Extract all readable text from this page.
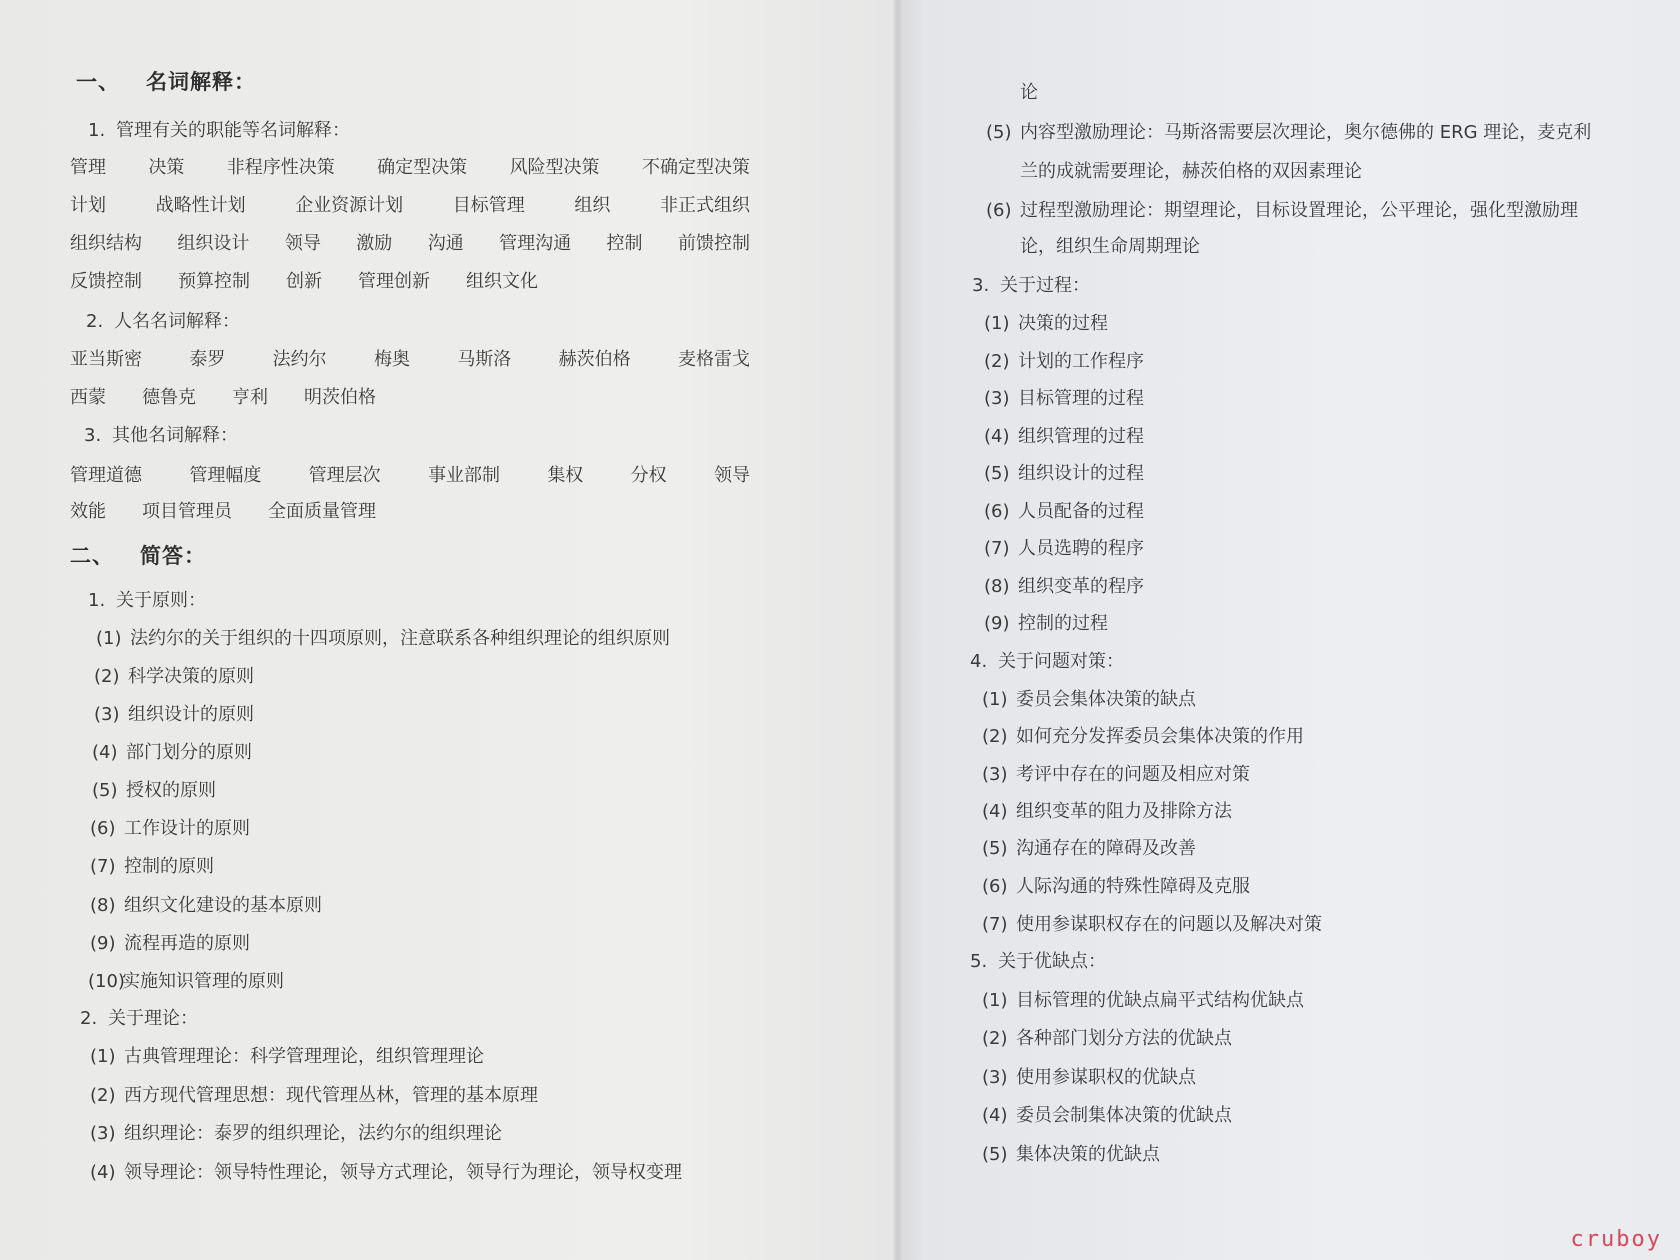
一、 名词解释：
1. 管理有关的职能等名词解释：
管理 决策 非程序性决策 确定型决策 风险型决策 不确定型决策
计划	战略性计划	企业资源计划	目标管理	组织	非正式组织
组织结构 组织设计 领导 激励 沟通 管理沟通 控制 前馈控制
反馈控制 预算控制 创新 管理创新 组织文化
2. 人名名词解释：
亚当斯密	泰罗	法约尔	梅奥	马斯洛	赫茨伯格	麦格雷戈
西蒙 德鲁克 亨利 明茨伯格
3. 其他名词解释：
管理道德	管理幅度	管理层次	事业部制	集权	分权	领导
效能 项目管理员 全面质量管理
二、 简答：
1. 关于原则：
(1) 法约尔的关于组织的十四项原则，注意联系各种组织理论的组织原则
(2) 科学决策的原则
(3) 组织设计的原则
(4) 部门划分的原则
(5) 授权的原则
(6) 工作设计的原则
(7) 控制的原则
(8) 组织文化建设的基本原则
(9) 流程再造的原则
(10)实施知识管理的原则
2. 关于理论：
(1) 古典管理理论：科学管理理论，组织管理理论
(2) 西方现代管理思想：现代管理丛林，管理的基本原理
(3) 组织理论：泰罗的组织理论，法约尔的组织理论
(4) 领导理论：领导特性理论，领导方式理论，领导行为理论，领导权变理
论
(5) 内容型激励理论：马斯洛需要层次理论，奥尔德佛的 ERG 理论，麦克利
兰的成就需要理论，赫茨伯格的双因素理论
(6) 过程型激励理论：期望理论，目标设置理论，公平理论，强化型激励理
论，组织生命周期理论
3. 关于过程：
(1) 决策的过程
(2) 计划的工作程序
(3) 目标管理的过程
(4) 组织管理的过程
(5) 组织设计的过程
(6) 人员配备的过程
(7) 人员选聘的程序
(8) 组织变革的程序
(9) 控制的过程
4. 关于问题对策：
(1) 委员会集体决策的缺点
(2) 如何充分发挥委员会集体决策的作用
(3) 考评中存在的问题及相应对策
(4) 组织变革的阻力及排除方法
(5) 沟通存在的障碍及改善
(6) 人际沟通的特殊性障碍及克服
(7) 使用参谋职权存在的问题以及解决对策
5. 关于优缺点：
(1) 目标管理的优缺点扁平式结构优缺点
(2) 各种部门划分方法的优缺点
(3) 使用参谋职权的优缺点
(4) 委员会制集体决策的优缺点
(5) 集体决策的优缺点
cruboy
